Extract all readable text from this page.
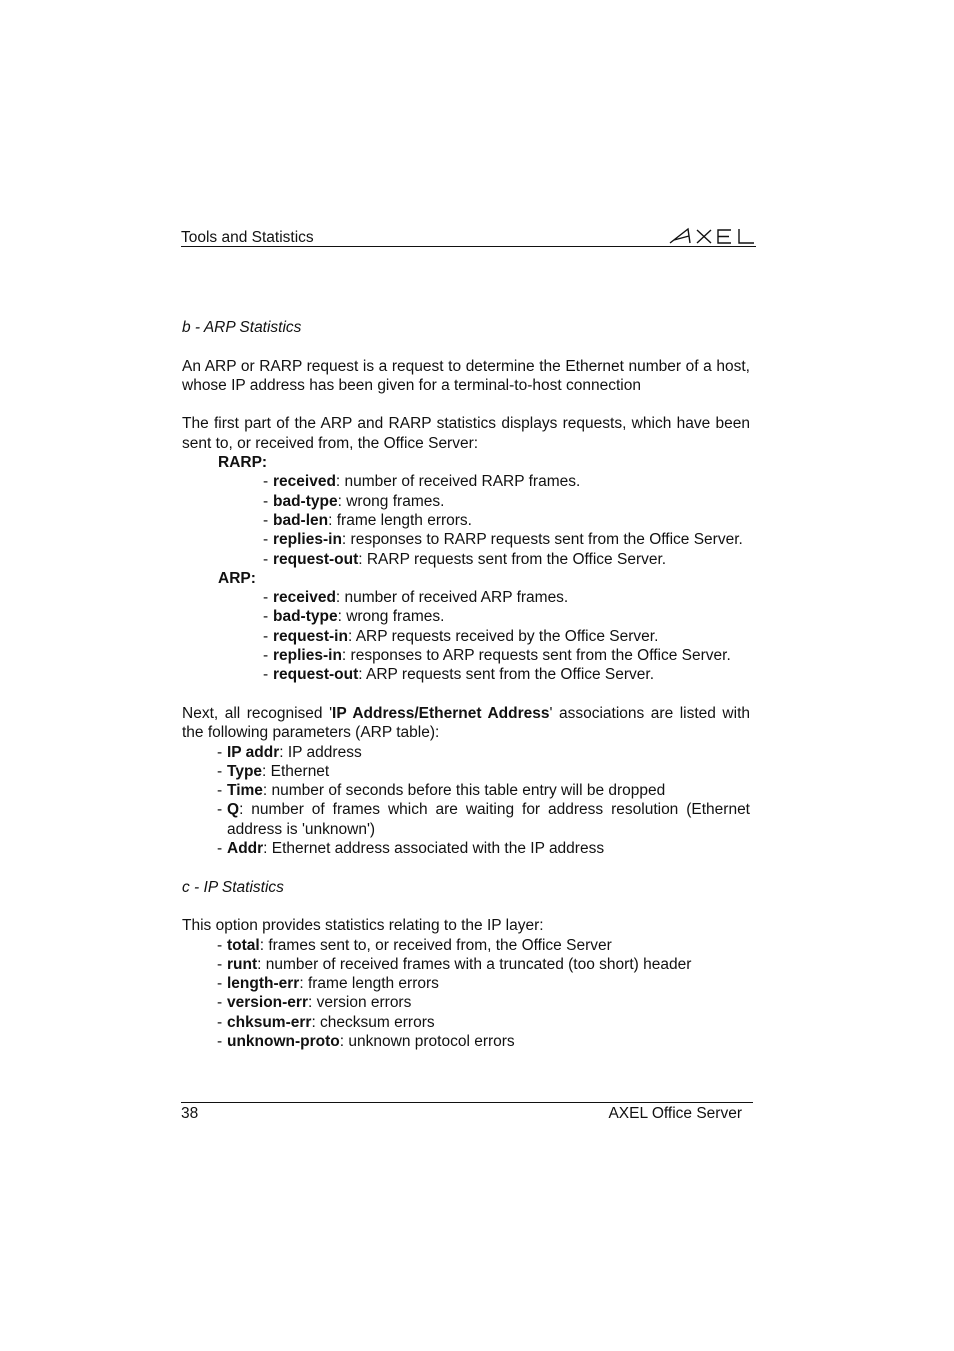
Tools and Statistics

b - ARP Statistics

An ARP or RARP request is a request to determine the Ethernet number of a host, whose IP address has been given for a terminal-to-host connection

The first part of the ARP and RARP statistics displays requests, which have been sent to, or received from, the Office Server:

RARP:
- received: number of received RARP frames.
- bad-type: wrong frames.
- bad-len: frame length errors.
- replies-in: responses to RARP requests sent from the Office Server.
- request-out: RARP requests sent from the Office Server.
ARP:
- received: number of received ARP frames.
- bad-type: wrong frames.
- request-in: ARP requests received by the Office Server.
- replies-in: responses to ARP requests sent from the Office Server.
- request-out: ARP requests sent from the Office Server.

Next, all recognised 'IP Address/Ethernet Address' associations are listed with the following parameters (ARP table):

- IP addr: IP address
- Type: Ethernet
- Time: number of seconds before this table entry will be dropped
- Q: number of frames which are waiting for address resolution (Ethernet address is 'unknown')
- Addr: Ethernet address associated with the IP address

c - IP Statistics

This option provides statistics relating to the IP layer:

- total: frames sent to, or received from, the Office Server
- runt: number of received frames with a truncated (too short) header
- length-err: frame length errors
- version-err: version errors
- chksum-err: checksum errors
- unknown-proto: unknown protocol errors
38	AXEL Office Server
